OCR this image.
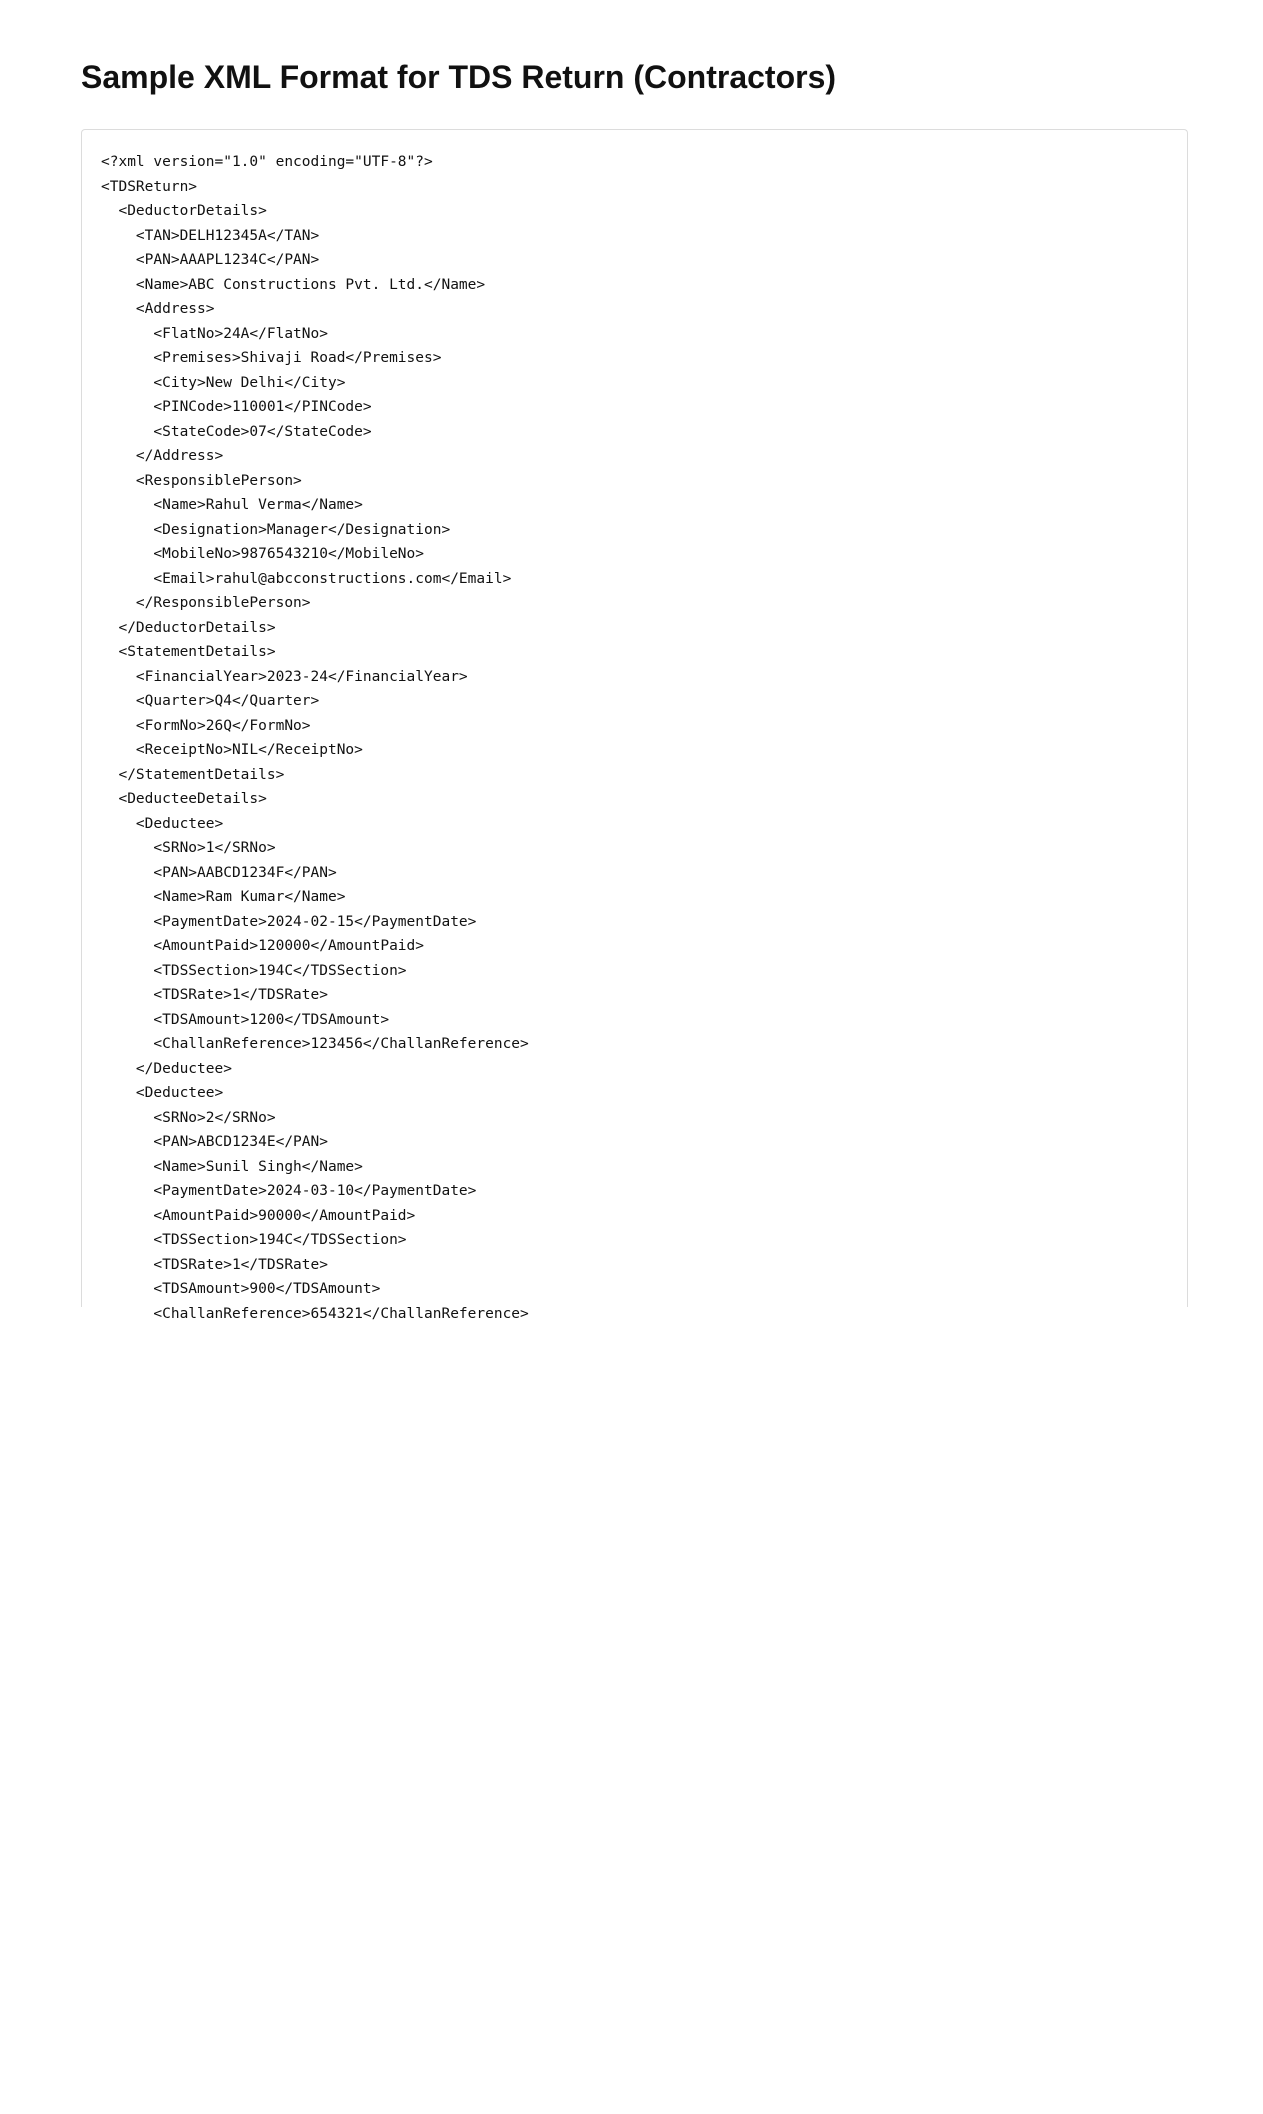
Sample XML Format for TDS Return (Contractors)
<?xml version="1.0" encoding="UTF-8"?>
<TDSReturn>
<DeductorDetails>
<TAN>DELH12345A</TAN>
<PAN>AAAPL1234C</PAN>
<Name>ABC Constructions Pvt. Ltd.</Name>
<Address>
<FlatNo>24A</FlatNo>
<Premises>Shivaji Road</Premises>
<City>New Delhi</City>
<PINCode>110001</PINCode>
<StateCode>07</StateCode>
</Address>
<ResponsiblePerson>
<Name>Rahul Verma</Name>
<Designation>Manager</Designation>
<MobileNo>9876543210</MobileNo>
<Email>rahul@abcconstructions.com</Email>
</ResponsiblePerson>
</DeductorDetails>
<StatementDetails>
<FinancialYear>2023-24</FinancialYear>
<Quarter>Q4</Quarter>
<FormNo>26Q</FormNo>
<ReceiptNo>NIL</ReceiptNo>
</StatementDetails>
<DeducteeDetails>
<Deductee>
<SRNo>1</SRNo>
<PAN>AABCD1234F</PAN>
<Name>Ram Kumar</Name>
<PaymentDate>2024-02-15</PaymentDate>
<AmountPaid>120000</AmountPaid>
<TDSSection>194C</TDSSection>
<TDSRate>1</TDSRate>
<TDSAmount>1200</TDSAmount>
<ChallanReference>123456</ChallanReference>
</Deductee>
<Deductee>
<SRNo>2</SRNo>
<PAN>ABCD1234E</PAN>
<Name>Sunil Singh</Name>
<PaymentDate>2024-03-10</PaymentDate>
<AmountPaid>90000</AmountPaid>
<TDSSection>194C</TDSSection>
<TDSRate>1</TDSRate>
<TDSAmount>900</TDSAmount>
<ChallanReference>654321</ChallanReference>
